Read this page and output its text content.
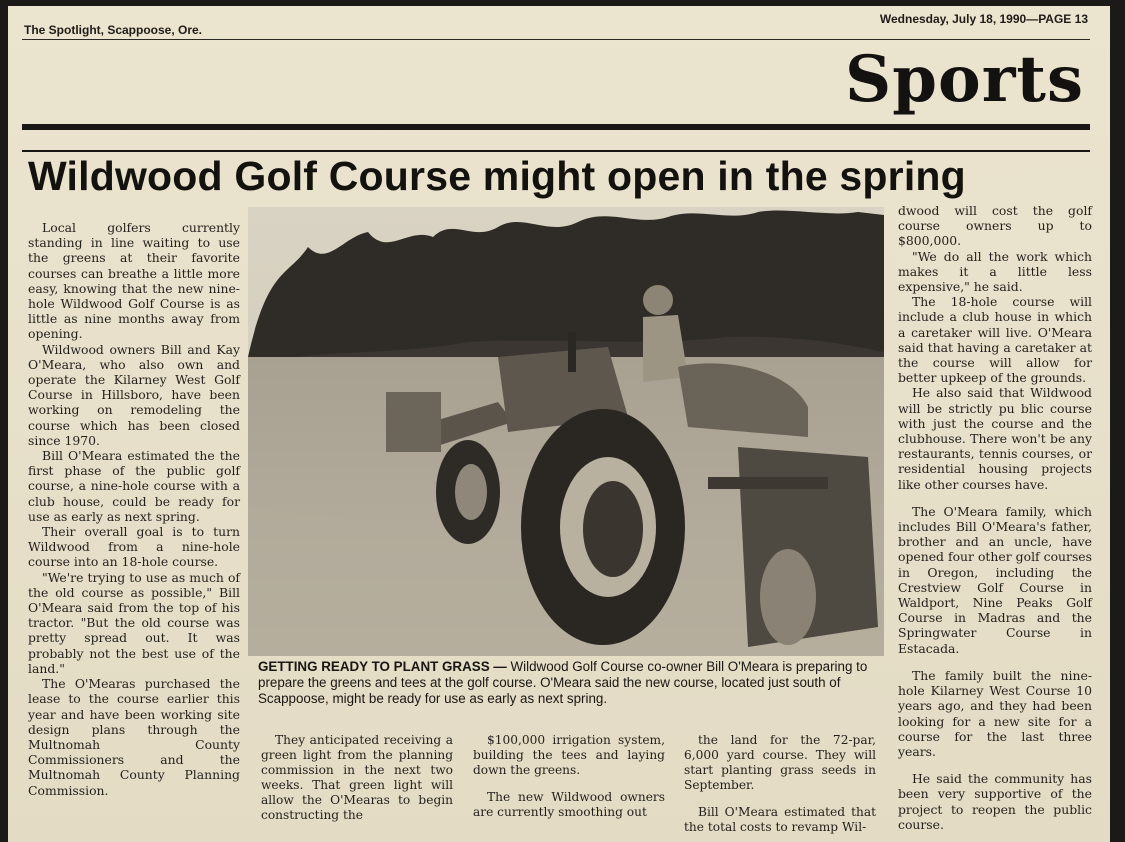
The Spotlight, Scappoose, Ore.
Wednesday, July 18, 1990—PAGE 13
Sports
Wildwood Golf Course might open in the spring

Local golfers currently standing in line waiting to use the greens at their favorite courses can breathe a little more easy, knowing that the new nine-hole Wildwood Golf Course is as little as nine months away from opening.

Wildwood owners Bill and Kay O'Meara, who also own and operate the Kilarney West Golf Course in Hillsboro, have been working on remodeling the course which has been closed since 1970.

Bill O'Meara estimated the the first phase of the public golf course, a nine-hole course with a club house, could be ready for use as early as next spring.

Their overall goal is to turn Wildwood from a nine-hole course into an 18-hole course.

"We're trying to use as much of the old course as possible," Bill O'Meara said from the top of his tractor. "But the old course was pretty spread out. It was probably not the best use of the land."

The O'Mearas purchased the lease to the course earlier this year and have been working site design plans through the Multnomah County Commissioners and the Multnomah County Planning Commission.

GETTING READY TO PLANT GRASS — Wildwood Golf Course co-owner Bill O'Meara is preparing to prepare the greens and tees at the golf course. O'Meara said the new course, located just south of Scappoose, might be ready for use as early as next spring.

They anticipated receiving a green light from the planning commission in the next two weeks. That green light will allow the O'Mearas to begin constructing the

$100,000 irrigation system, building the tees and laying down the greens.

The new Wildwood owners are currently smoothing out

the land for the 72-par, 6,000 yard course. They will start planting grass seeds in September.

Bill O'Meara estimated that the total costs to revamp Wil-

dwood will cost the golf course owners up to $800,000.

"We do all the work which makes it a little less expensive," he said.

The 18-hole course will include a club house in which a caretaker will live. O'Meara said that having a caretaker at the course will allow for better upkeep of the grounds.

He also said that Wildwood will be strictly pu blic course with just the course and the clubhouse. There won't be any restaurants, tennis courses, or residential housing projects like other courses have.

The O'Meara family, which includes Bill O'Meara's father, brother and an uncle, have opened four other golf courses in Oregon, including the Crestview Golf Course in Waldport, Nine Peaks Golf Course in Madras and the Springwater Course in Estacada.

The family built the nine-hole Kilarney West Course 10 years ago, and they had been looking for a new site for a course for the last three years.

He said the community has been very supportive of the project to reopen the public course.
